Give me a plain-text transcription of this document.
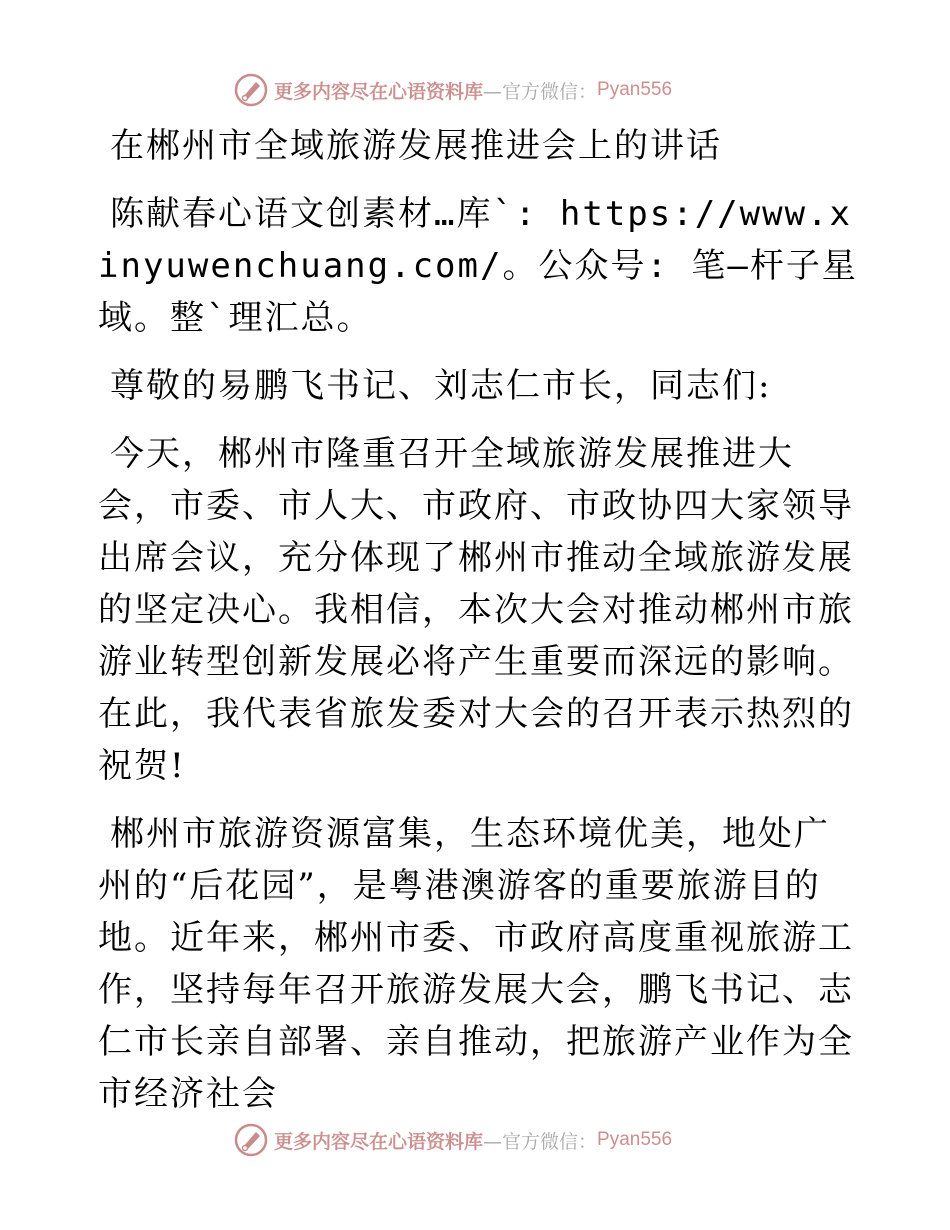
更多内容尽在心语资料库 —官方微信： Pyan556

在郴州市全域旅游发展推进会上的讲话

陈献春心语文创素材…库`: https://www.xinyuwenchuang.com/。公众号: 笔—杆子星域。整`理汇总。

尊敬的易鹏飞书记、刘志仁市长，同志们:

今天，郴州市隆重召开全域旅游发展推进大会，市委、市人大、市政府、市政协四大家领导出席会议，充分体现了郴州市推动全域旅游发展的坚定决心。我相信，本次大会对推动郴州市旅游业转型创新发展必将产生重要而深远的影响。在此，我代表省旅发委对大会的召开表示热烈的祝贺!

郴州市旅游资源富集，生态环境优美，地处广州的“后花园”，是粤港澳游客的重要旅游目的地。近年来，郴州市委、市政府高度重视旅游工作，坚持每年召开旅游发展大会，鹏飞书记、志仁市长亲自部署、亲自推动，把旅游产业作为全市经济社会

更多内容尽在心语资料库 —官方微信： Pyan556
